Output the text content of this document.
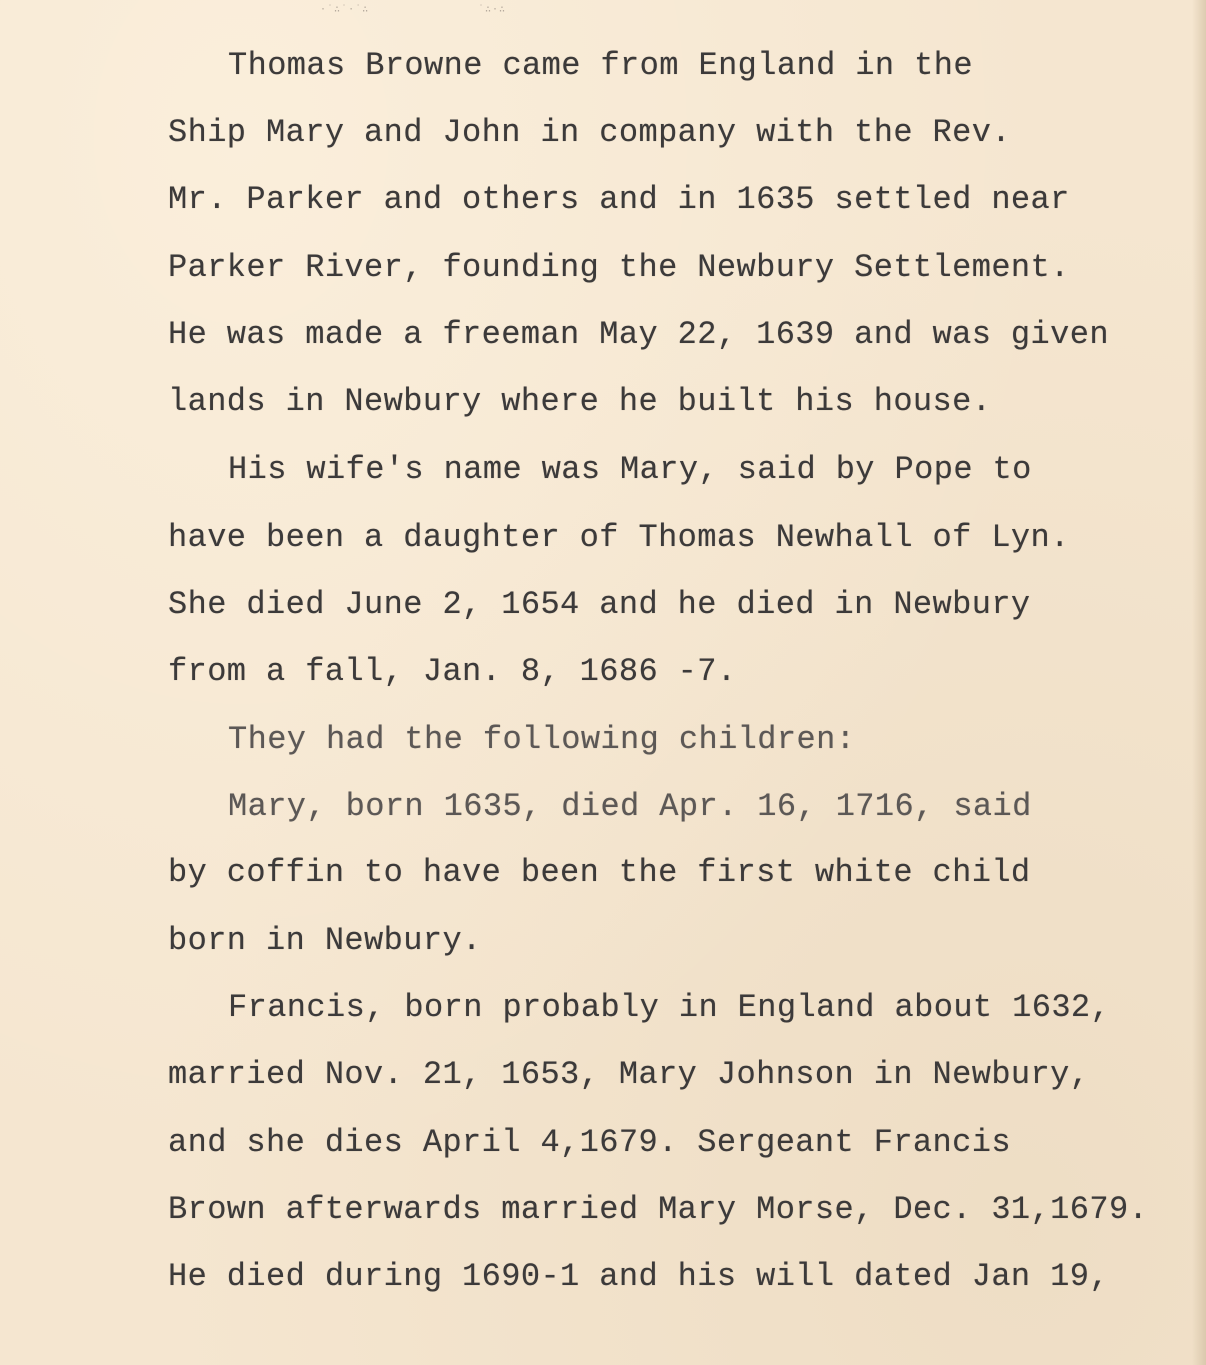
·˙∴˙·˙∴	˙∴·∴
Thomas Browne came from England in the
Ship Mary and John in company with the Rev.
Mr. Parker and others and in 1635 settled near
Parker River, founding the Newbury Settlement.
He was made a freeman May 22, 1639 and was given
lands in Newbury where he built his house.
His wife's name was Mary, said by Pope to
have been a daughter of Thomas Newhall of Lyn.
She died June 2, 1654 and he died in Newbury
from a fall, Jan. 8, 1686 -7.
They had the following children:
Mary, born 1635, died Apr. 16, 1716, said
by coffin to have been the first white child
born in Newbury.
Francis, born probably in England about 1632,
married Nov. 21, 1653, Mary Johnson in Newbury,
and she dies April 4,1679. Sergeant Francis
Brown afterwards married Mary Morse, Dec. 31,1679.
He died during 1690-1 and his will dated Jan 19,
